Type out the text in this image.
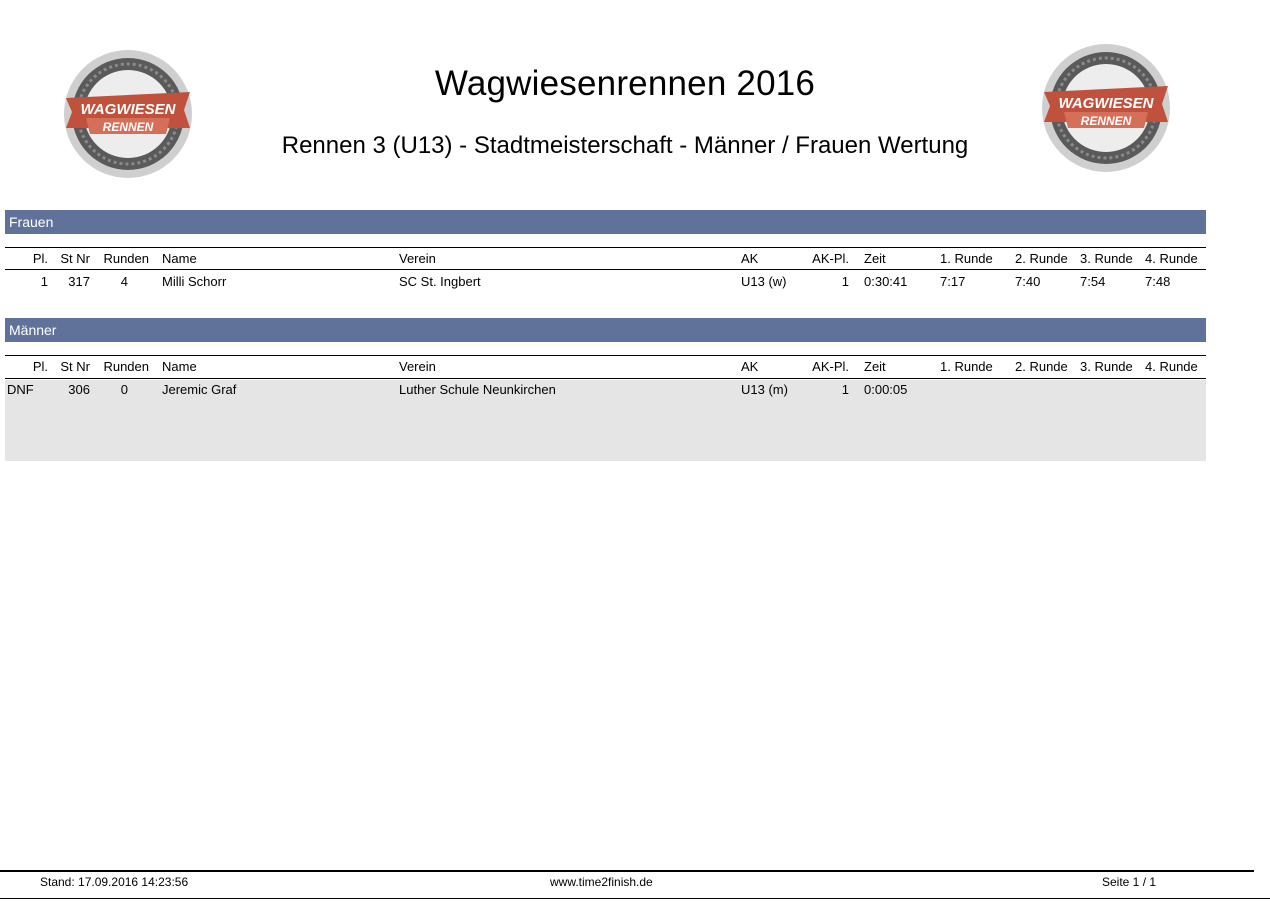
WAGWIESEN
RENNEN
WAGWIESEN
RENNEN
Wagwiesenrennen 2016
Rennen 3 (U13) - Stadtmeisterschaft - Männer / Frauen Wertung
Frauen
Pl. St Nr Runden Name	Verein	AK	AK-Pl. Zeit	1. Runde 2. Runde 3. Runde 4. Runde
1	317	4	Milli Schorr	SC St. Ingbert	U13 (w)	1 0:30:41	7:17	7:40	7:54	7:48
Männer
Pl. St Nr Runden Name	Verein	AK	AK-Pl. Zeit	1. Runde 2. Runde 3. Runde 4. Runde
DNF	306	0	Jeremic Graf	Luther Schule Neunkirchen	U13 (m)	1 0:00:05
Stand: 17.09.2016 14:23:56	www.time2finish.de	Seite 1 / 1
